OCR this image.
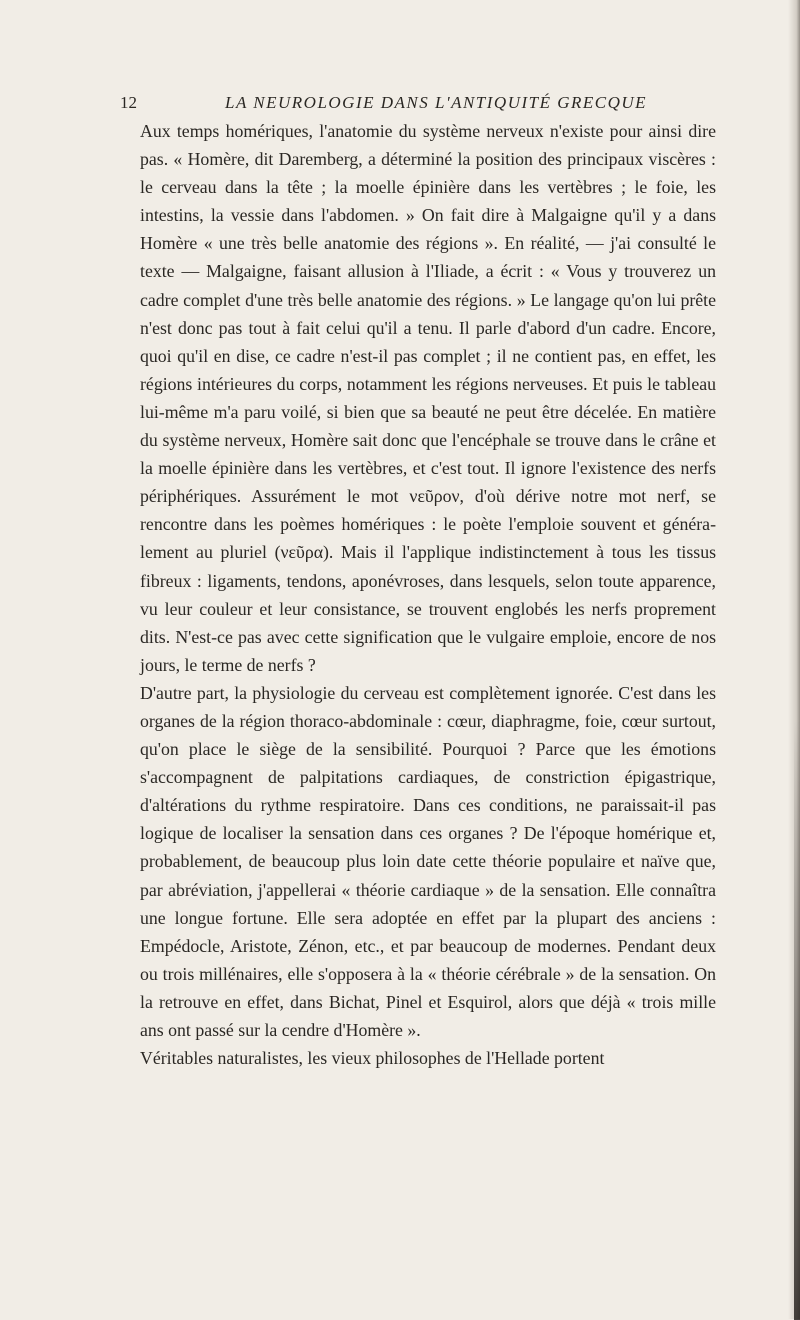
12	LA NEUROLOGIE DANS L'ANTIQUITÉ GRECQUE

Aux temps homériques, l'anatomie du système nerveux n'existe pour ainsi dire pas. « Homère, dit Daremberg, a déterminé la position des principaux viscères : le cerveau dans la tête ; la moelle épinière dans les vertèbres ; le foie, les intestins, la vessie dans l'abdomen. » On fait dire à Malgaigne qu'il y a dans Homère « une très belle anatomie des régions ». En réalité, — j'ai consulté le texte — Malgaigne, faisant allusion à l'Iliade, a écrit : « Vous y trouverez un cadre complet d'une très belle anatomie des régions. » Le langage qu'on lui prête n'est donc pas tout à fait celui qu'il a tenu. Il parle d'abord d'un cadre. Encore, quoi qu'il en dise, ce cadre n'est-il pas complet ; il ne contient pas, en effet, les régions intérieures du corps, notamment les régions nerveuses. Et puis le tableau lui-même m'a paru voilé, si bien que sa beauté ne peut être décelée. En matière du système nerveux, Homère sait donc que l'encéphale se trouve dans le crâne et la moelle épinière dans les vertèbres, et c'est tout. Il ignore l'existence des nerfs périphériques. Assurément le mot νεῦρον, d'où dérive notre mot nerf, se rencontre dans les poèmes homériques : le poète l'emploie souvent et généralement au pluriel (νεῦρα). Mais il l'applique indistinctement à tous les tissus fibreux : ligaments, tendons, aponévroses, dans lesquels, selon toute apparence, vu leur couleur et leur consistance, se trouvent englobés les nerfs proprement dits. N'est-ce pas avec cette signification que le vulgaire emploie, encore de nos jours, le terme de nerfs ?

D'autre part, la physiologie du cerveau est complètement ignorée. C'est dans les organes de la région thoraco-abdominale : cœur, diaphragme, foie, cœur surtout, qu'on place le siège de la sensibilité. Pourquoi ? Parce que les émotions s'accompagnent de palpitations cardiaques, de constriction épigastrique, d'altérations du rythme respiratoire. Dans ces conditions, ne paraissait-il pas logique de localiser la sensation dans ces organes ? De l'époque homérique et, probablement, de beaucoup plus loin date cette théorie populaire et naïve que, par abréviation, j'appellerai « théorie cardiaque » de la sensation. Elle connaîtra une longue fortune. Elle sera adoptée en effet par la plupart des anciens : Empédocle, Aristote, Zénon, etc., et par beaucoup de modernes. Pendant deux ou trois millénaires, elle s'opposera à la « théorie cérébrale » de la sensation. On la retrouve en effet, dans Bichat, Pinel et Esquirol, alors que déjà « trois mille ans ont passé sur la cendre d'Homère ».

Véritables naturalistes, les vieux philosophes de l'Hellade portent
